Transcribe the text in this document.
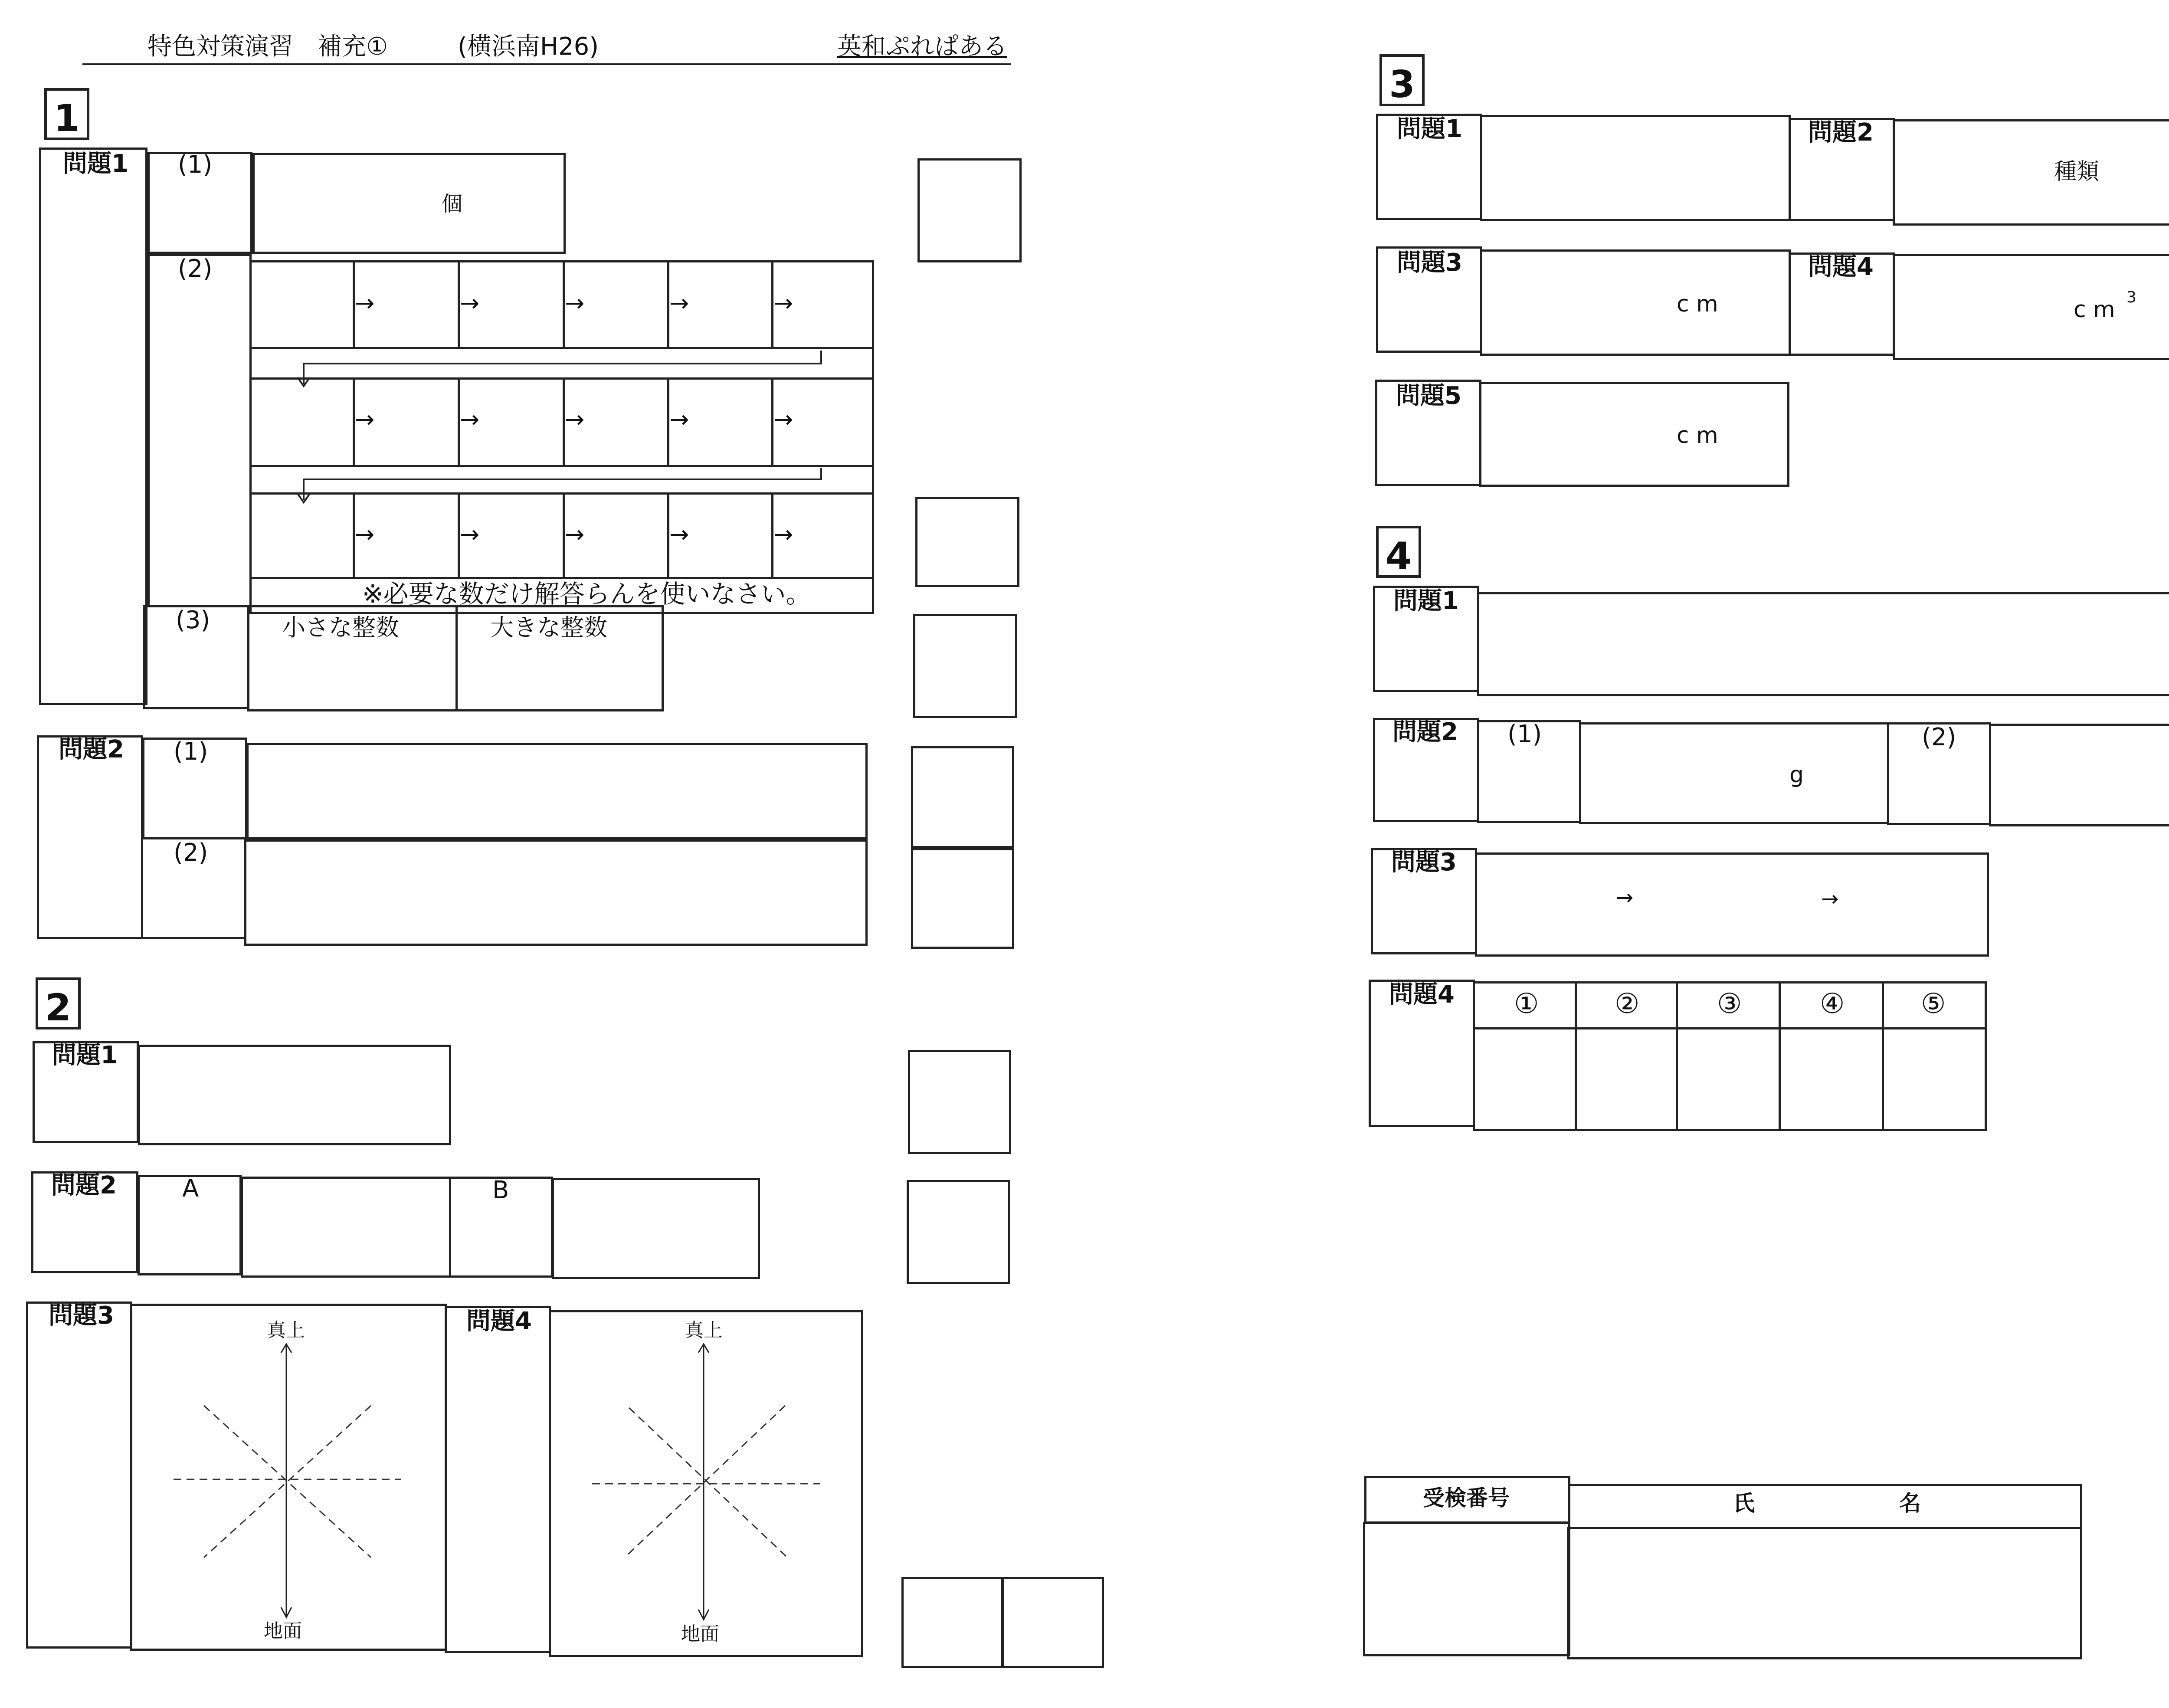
特色対策演習　補充①	(横浜南H26)	英和ぷれぱある
1
問題1 (1)
個
(2)
→	→	→	→	→
→	→	→	→	→
→	→	→	→	→
※必要な数だけ解答らんを使いなさい。
(3)	小さな整数	大きな整数
問題2 (1)
(2)
2
問題1
問題2	A	B
問題3	問題4
真上
地面
真上
地面
3
問題1	問題2
種類
問題3
c m
問題4
c m 3
問題5
c m
4
問題1
問題2 (1)
g
(2)
問題3
→	→
問題4 ①	②	③	④	⑤
受検番号	氏	名
